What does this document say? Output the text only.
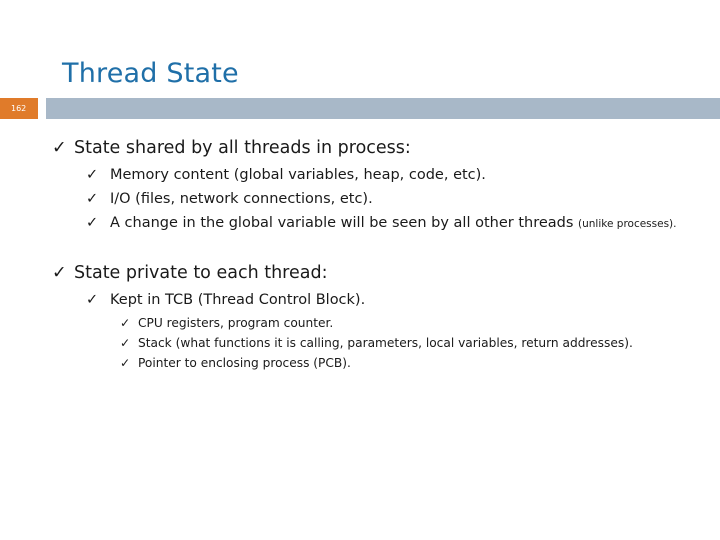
Thread State
162
✓ State shared by all threads in process:
✓ Memory content (global variables, heap, code, etc).
✓ I/O (files, network connections, etc).
✓ A change in the global variable will be seen by all other threads (unlike processes).
✓ State private to each thread:
✓ Kept in TCB (Thread Control Block).
✓ CPU registers, program counter.
✓ Stack (what functions it is calling, parameters, local variables, return addresses).
✓ Pointer to enclosing process (PCB).
